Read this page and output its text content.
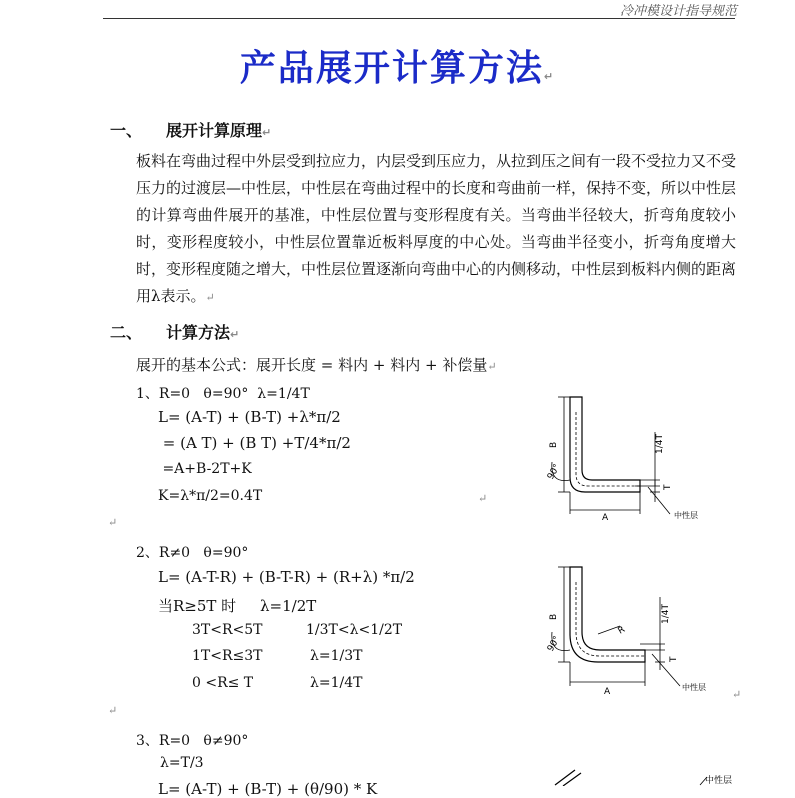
冷冲模设计指导规范
产品展开计算方法↵
一、 展开计算原理↵
板料在弯曲过程中外层受到拉应力，内层受到压应力，从拉到压之间有一段不受拉力又不受压力的过渡层—中性层，中性层在弯曲过程中的长度和弯曲前一样，保持不变，所以中性层的计算弯曲件展开的基准，中性层位置与变形程度有关。当弯曲半径较大，折弯角度较小时，变形程度较小，中性层位置靠近板料厚度的中心处。当弯曲半径变小，折弯角度增大时，变形程度随之增大，中性层位置逐渐向弯曲中心的内侧移动，中性层到板料内侧的距离用λ表示。↵
二、 计算方法↵
展开的基本公式：展开长度 = 料内 + 料内 + 补偿量↵
1、R=0   θ=90°  λ=1/4T
L= (A-T) + (B-T) +λ*π/2
= (A T) + (B T) +T/4*π/2
=A+B-2T+K
K=λ*π/2=0.4T
↵
B
90°
1/4T
T
A	中性层
↵
2、R≠0   θ=90°
L= (A-T-R) + (B-T-R) + (R+λ) *π/2
当R≥5T 时     λ=1/2T
3T<R<5T	1/3T<λ<1/2T
1T<R≤3T	λ=1/3T
0 <R≤ T	λ=1/4T
↵
B
90°
R
1/4T
T
A	中性层
↵
3、R=0   θ≠90°
λ=T/3
L= (A-T) + (B-T) + (θ/90) * K	中性层
